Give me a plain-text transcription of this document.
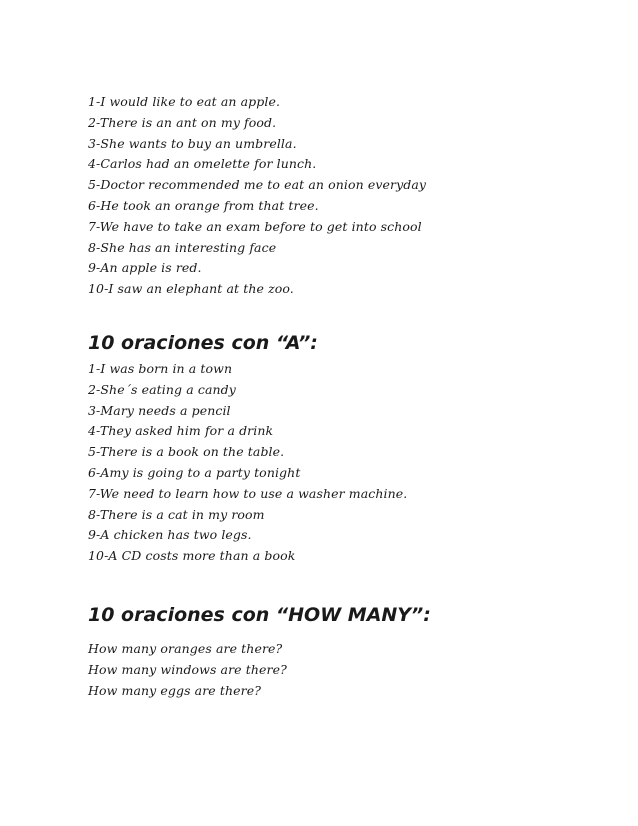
1-I would like to eat an apple.
2-There is an ant on my food.
3-She wants to buy an umbrella.
4-Carlos had an omelette for lunch.
5-Doctor recommended me to eat an onion everyday
6-He took an orange from that tree.
7-We have to take an exam before to get into school
8-She has an interesting face
9-An apple is red.
10-I saw an elephant at the zoo.
10 oraciones con “A”:
1-I was born in a town
2-She´s eating a candy
3-Mary needs a pencil
4-They asked him for a drink
5-There is a book on the table.
6-Amy is going to a party tonight
7-We need to learn how to use a washer machine.
8-There is a cat in my room
9-A chicken has two legs.
10-A CD costs more than a book
10 oraciones con “HOW MANY”:
How many oranges are there?
How many windows are there?
How many eggs are there?
